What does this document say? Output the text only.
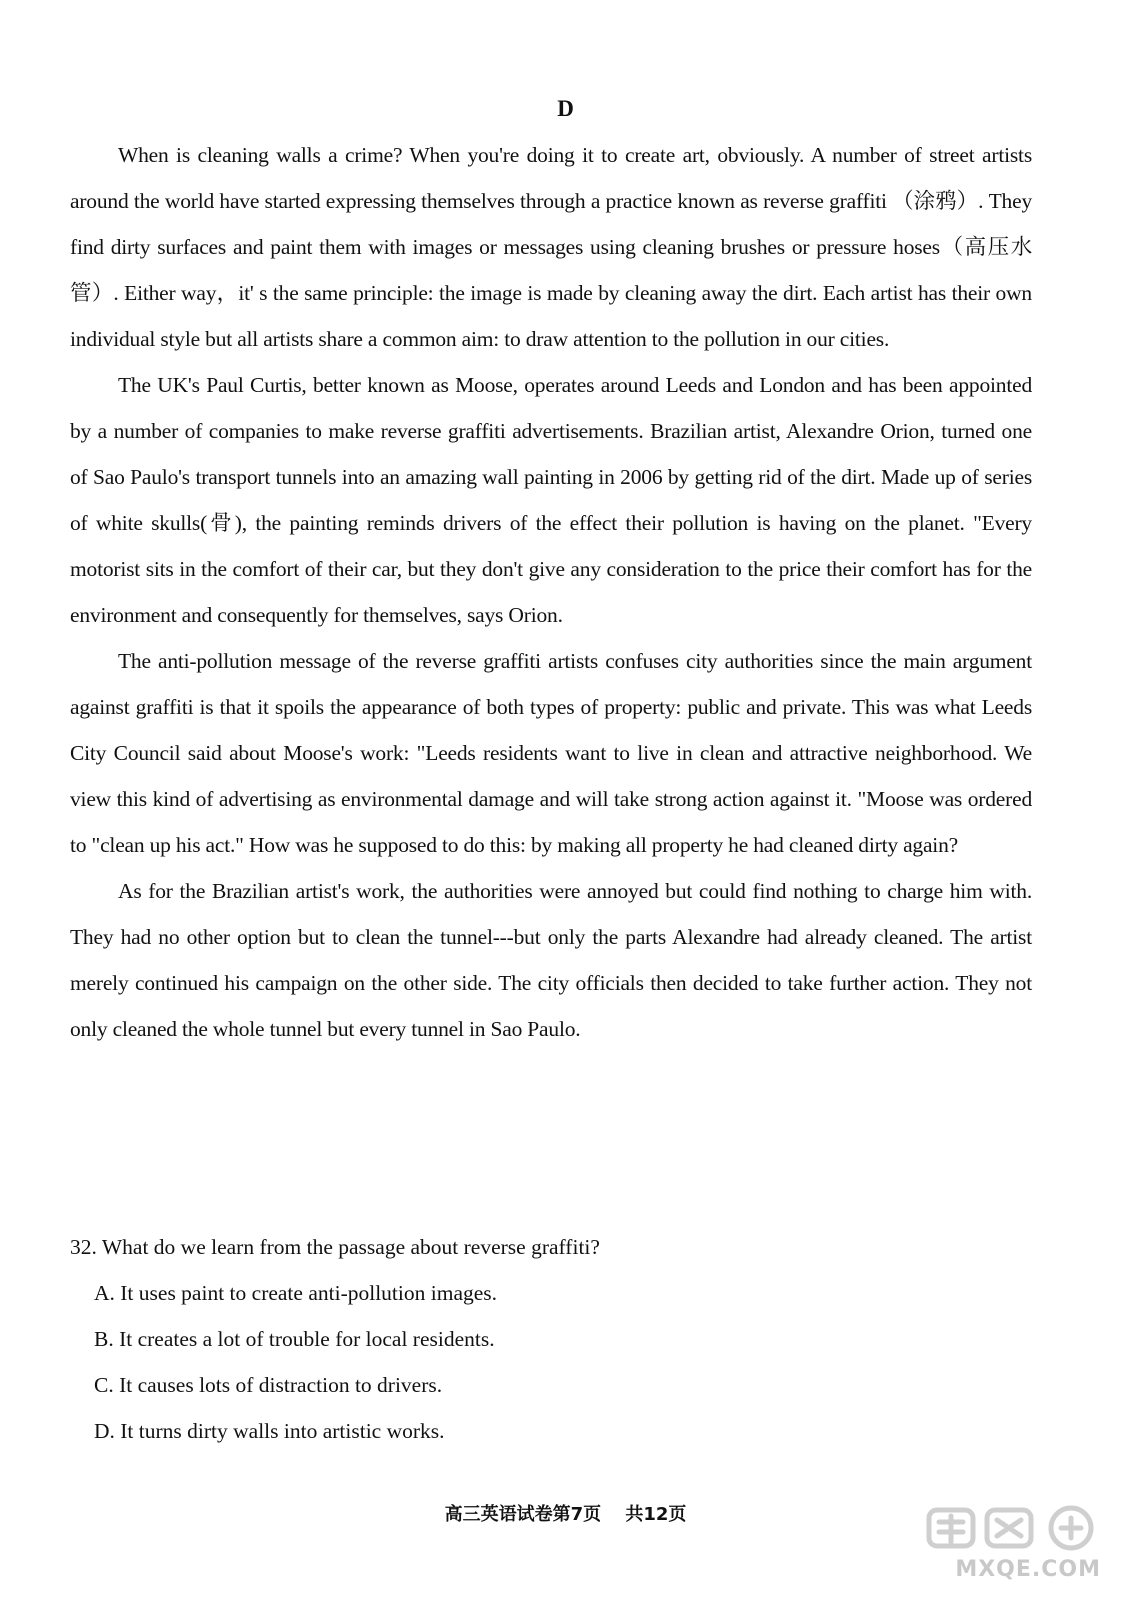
D

When is cleaning walls a crime? When you're doing it to create art, obviously. A number of street artists around the world have started expressing themselves through a practice known as reverse graffiti （涂鸦）. They find dirty surfaces and paint them with images or messages using cleaning brushes or pressure hoses（高压水管）. Either way，it' s the same principle: the image is made by cleaning away the dirt. Each artist has their own individual style but all artists share a common aim: to draw attention to the pollution in our cities.

The UK's Paul Curtis, better known as Moose, operates around Leeds and London and has been appointed by a number of companies to make reverse graffiti advertisements. Brazilian artist, Alexandre Orion, turned one of Sao Paulo's transport tunnels into an amazing wall painting in 2006 by getting rid of the dirt. Made up of series of white skulls(骨), the painting reminds drivers of the effect their pollution is having on the planet. "Every motorist sits in the comfort of their car, but they don't give any consideration to the price their comfort has for the environment and consequently for themselves, says Orion.

The anti-pollution message of the reverse graffiti artists confuses city authorities since the main argument against graffiti is that it spoils the appearance of both types of property: public and private. This was what Leeds City Council said about Moose's work: "Leeds residents want to live in clean and attractive neighborhood. We view this kind of advertising as environmental damage and will take strong action against it. "Moose was ordered to "clean up his act." How was he supposed to do this: by making all property he had cleaned dirty again?

As for the Brazilian artist's work, the authorities were annoyed but could find nothing to charge him with. They had no other option but to clean the tunnel---but only the parts Alexandre had already cleaned. The artist merely continued his campaign on the other side. The city officials then decided to take further action. They not only cleaned the whole tunnel but every tunnel in Sao Paulo.

32. What do we learn from the passage about reverse graffiti?

A. It uses paint to create anti-pollution images.

B. It creates a lot of trouble for local residents.

C. It causes lots of distraction to drivers.

D. It turns dirty walls into artistic works.

高三英语试卷第7页　 共12页
MXQE.COM
